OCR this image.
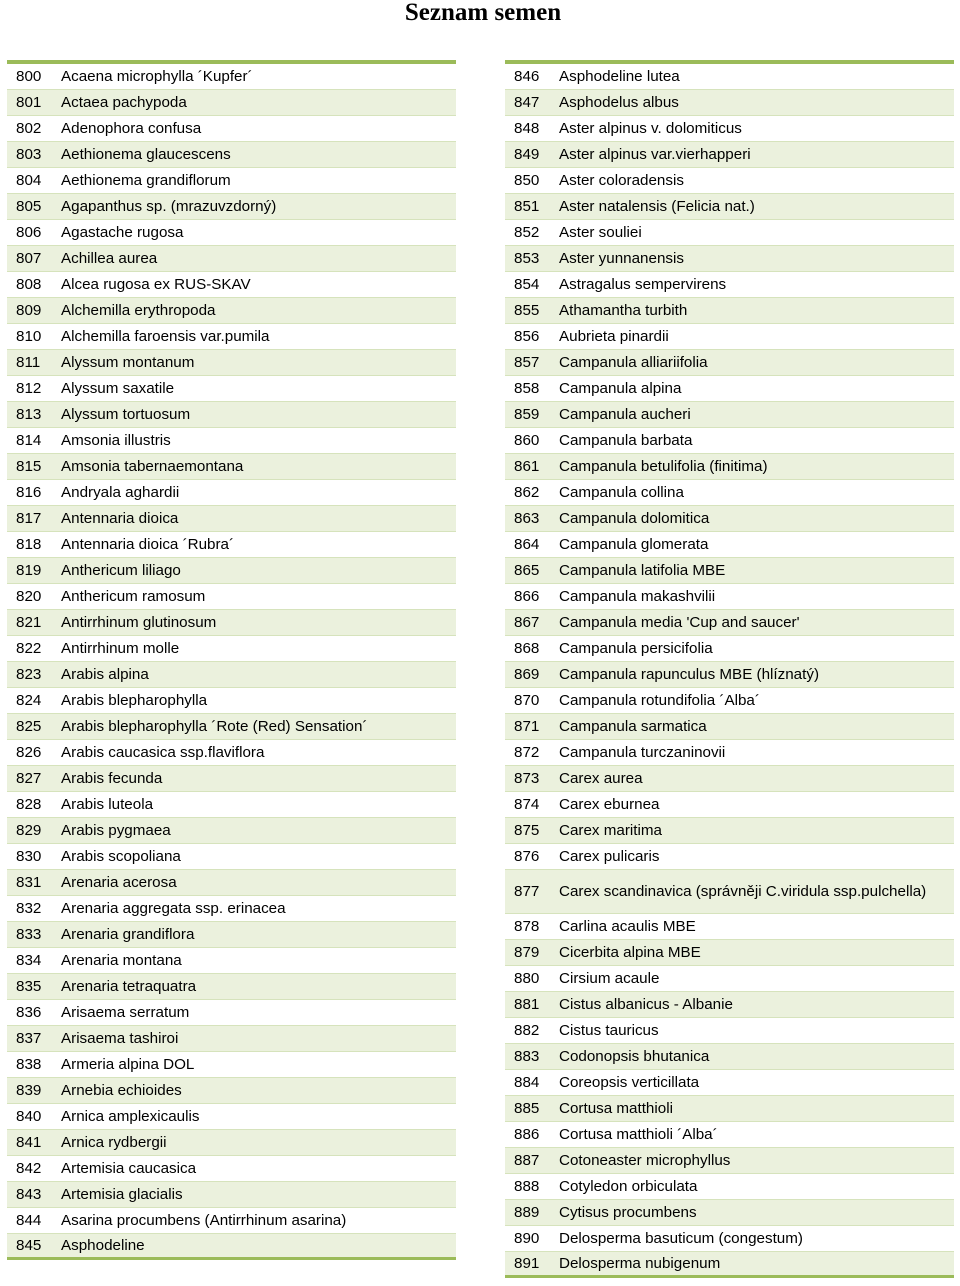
Seznam semen
800	Acaena microphylla ´Kupfer´
801	Actaea pachypoda
802	Adenophora confusa
803	Aethionema glaucescens
804	Aethionema grandiflorum
805	Agapanthus sp. (mrazuvzdorný)
806	Agastache rugosa
807	Achillea aurea
808	Alcea rugosa ex RUS-SKAV
809	Alchemilla erythropoda
810	Alchemilla faroensis var.pumila
811	Alyssum montanum
812	Alyssum saxatile
813	Alyssum tortuosum
814	Amsonia illustris
815	Amsonia tabernaemontana
816	Andryala aghardii
817	Antennaria dioica
818	Antennaria dioica ´Rubra´
819	Anthericum liliago
820	Anthericum ramosum
821	Antirrhinum glutinosum
822	Antirrhinum molle
823	Arabis alpina
824	Arabis blepharophylla
825	Arabis blepharophylla ´Rote (Red) Sensation´
826	Arabis caucasica ssp.flaviflora
827	Arabis fecunda
828	Arabis luteola
829	Arabis pygmaea
830	Arabis scopoliana
831	Arenaria acerosa
832	Arenaria aggregata ssp. erinacea
833	Arenaria grandiflora
834	Arenaria montana
835	Arenaria tetraquatra
836	Arisaema serratum
837	Arisaema tashiroi
838	Armeria alpina DOL
839	Arnebia echioides
840	Arnica amplexicaulis
841	Arnica rydbergii
842	Artemisia caucasica
843	Artemisia glacialis
844	Asarina procumbens (Antirrhinum asarina)
845	Asphodeline
846	Asphodeline lutea
847	Asphodelus albus
848	Aster alpinus v. dolomiticus
849	Aster alpinus var.vierhapperi
850	Aster coloradensis
851	Aster natalensis (Felicia nat.)
852	Aster souliei
853	Aster yunnanensis
854	Astragalus sempervirens
855	Athamantha turbith
856	Aubrieta pinardii
857	Campanula alliariifolia
858	Campanula alpina
859	Campanula aucheri
860	Campanula barbata
861	Campanula betulifolia (finitima)
862	Campanula collina
863	Campanula dolomitica
864	Campanula glomerata
865	Campanula latifolia MBE
866	Campanula makashvilii
867	Campanula media 'Cup and saucer'
868	Campanula persicifolia
869	Campanula rapunculus MBE (hlíznatý)
870	Campanula rotundifolia ´Alba´
871	Campanula sarmatica
872	Campanula turczaninovii
873	Carex aurea
874	Carex eburnea
875	Carex maritima
876	Carex pulicaris
877	Carex scandinavica (správněji C.viridula ssp.pulchella)
878	Carlina acaulis MBE
879	Cicerbita alpina MBE
880	Cirsium acaule
881	Cistus albanicus - Albanie
882	Cistus tauricus
883	Codonopsis bhutanica
884	Coreopsis verticillata
885	Cortusa matthioli
886	Cortusa matthioli ´Alba´
887	Cotoneaster microphyllus
888	Cotyledon orbiculata
889	Cytisus procumbens
890	Delosperma basuticum (congestum)
891	Delosperma nubigenum
